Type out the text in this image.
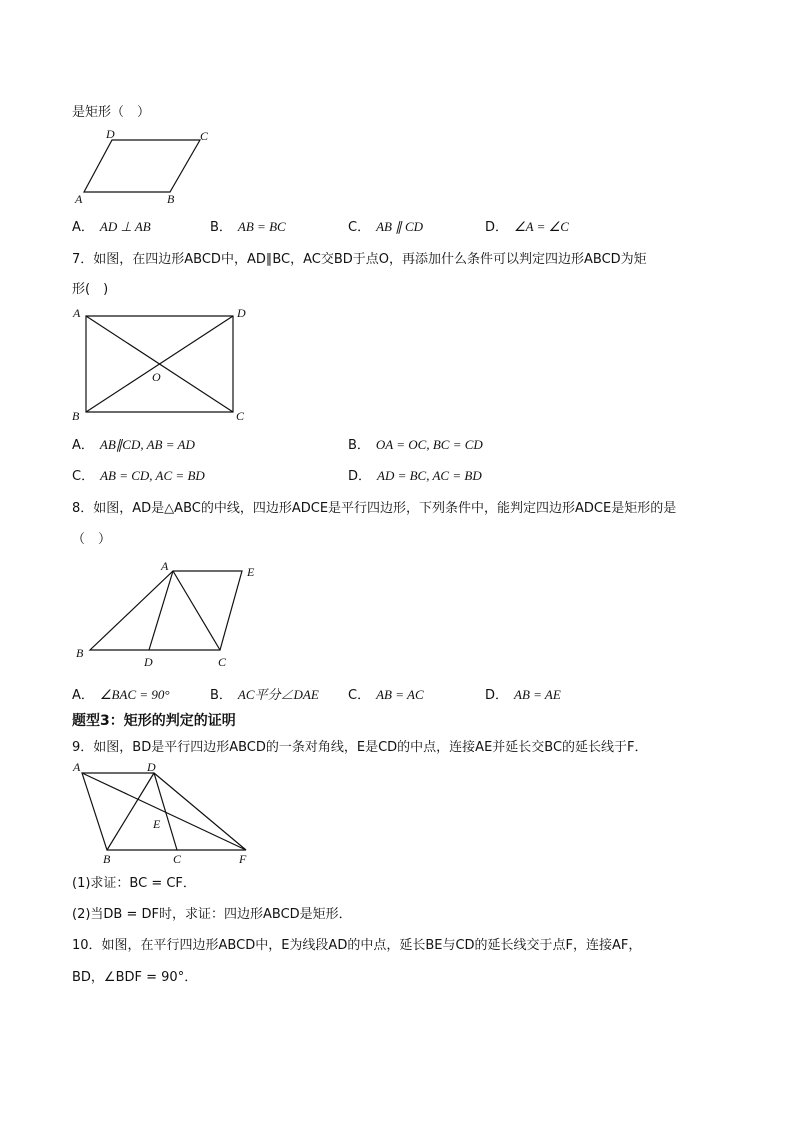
是矩形（　）
D	C
A	B
A． AD ⊥ AB	B． AB = BC	C． AB ∥ CD	D． ∠A = ∠C
7．如图，在四边形ABCD中，AD∥BC，AC交BD于点O，再添加什么条件可以判定四边形ABCD为矩
形(　)
A	D
O
B	C
A． AB∥CD, AB = AD	B． OA = OC, BC = CD
C． AB = CD, AC = BD	D． AD = BC, AC = BD
8．如图，AD是△ABC的中线，四边形ADCE是平行四边形，下列条件中，能判定四边形ADCE是矩形的是
（　）
A	E
B
D	C
A． ∠BAC = 90°	B． AC平分∠DAE C． AB = AC	D． AB = AE
题型3：矩形的判定的证明
9．如图，BD是平行四边形ABCD的一条对角线，E是CD的中点，连接AE并延长交BC的延长线于F．
A	D
E
B	C	F
(1)求证：BC = CF．
(2)当DB = DF时，求证：四边形ABCD是矩形．
10．如图，在平行四边形ABCD中，E为线段AD的中点，延长BE与CD的延长线交于点F，连接AF，
BD，∠BDF = 90°．
